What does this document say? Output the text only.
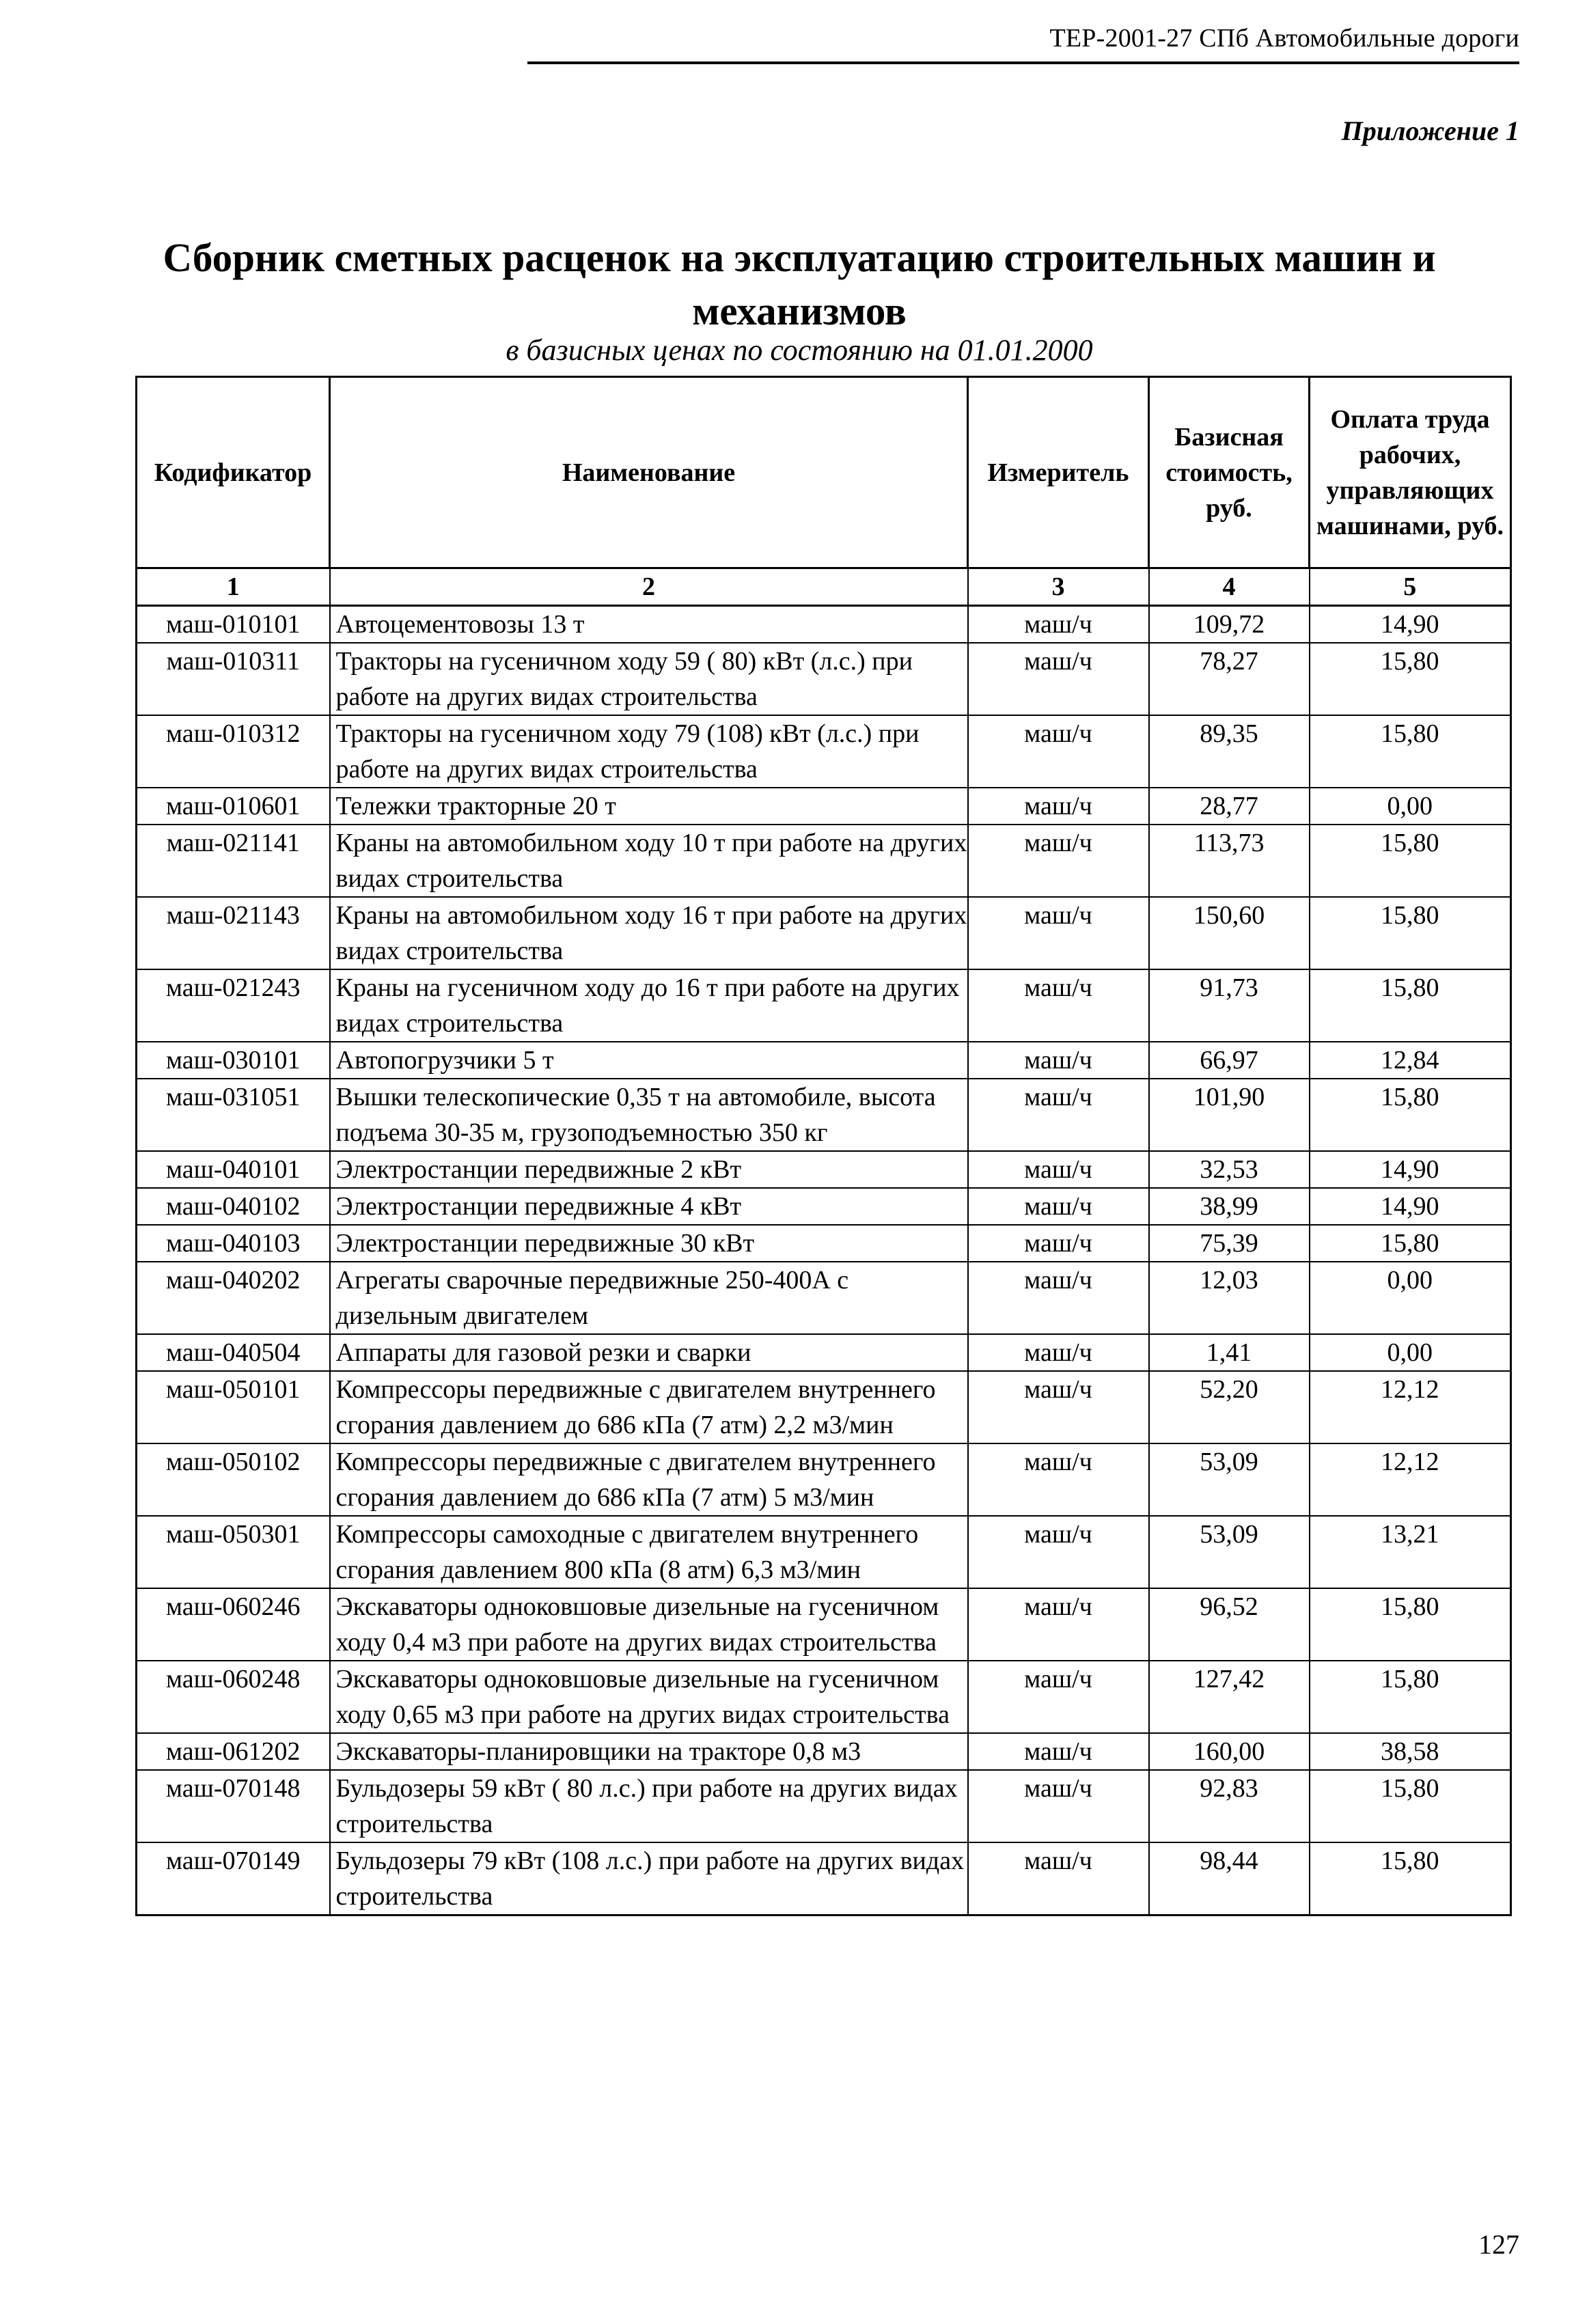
ТЕР-2001-27 СПб Автомобильные дороги
Приложение 1
Сборник сметных расценок на эксплуатацию строительных машин и механизмов
в базисных ценах по состоянию на 01.01.2000
Кодификатор	Наименование	Измеритель	Базисная стоимость, руб.	Оплата труда рабочих, управляющих машинами, руб.
1	2	3	4	5
маш-010101	Автоцементовозы 13 т	маш/ч	109,72	14,90
маш-010311	Тракторы на гусеничном ходу 59 ( 80) кВт (л.с.) при работе на других видах строительства	маш/ч	78,27	15,80
маш-010312	Тракторы на гусеничном ходу 79 (108) кВт (л.с.) при работе на других видах строительства	маш/ч	89,35	15,80
маш-010601	Тележки тракторные 20 т	маш/ч	28,77	0,00
маш-021141	Краны на автомобильном ходу 10 т при работе на других видах строительства	маш/ч	113,73	15,80
маш-021143	Краны на автомобильном ходу 16 т при работе на других видах строительства	маш/ч	150,60	15,80
маш-021243	Краны на гусеничном ходу до 16 т при работе на других видах строительства	маш/ч	91,73	15,80
маш-030101	Автопогрузчики 5 т	маш/ч	66,97	12,84
маш-031051	Вышки телескопические 0,35 т на автомобиле, высота подъема 30-35 м, грузоподъемностью 350 кг	маш/ч	101,90	15,80
маш-040101	Электростанции передвижные 2 кВт	маш/ч	32,53	14,90
маш-040102	Электростанции передвижные 4 кВт	маш/ч	38,99	14,90
маш-040103	Электростанции передвижные 30 кВт	маш/ч	75,39	15,80
маш-040202	Агрегаты сварочные передвижные 250-400А с дизельным двигателем	маш/ч	12,03	0,00
маш-040504	Аппараты для газовой резки и сварки	маш/ч	1,41	0,00
маш-050101	Компрессоры передвижные с двигателем внутреннего сгорания давлением до 686 кПа (7 атм) 2,2 м3/мин	маш/ч	52,20	12,12
маш-050102	Компрессоры передвижные с двигателем внутреннего сгорания давлением до 686 кПа (7 атм) 5 м3/мин	маш/ч	53,09	12,12
маш-050301	Компрессоры самоходные с двигателем внутреннего сгорания давлением 800 кПа (8 атм) 6,3 м3/мин	маш/ч	53,09	13,21
маш-060246	Экскаваторы одноковшовые дизельные на гусеничном ходу 0,4 м3 при работе на других видах строительства	маш/ч	96,52	15,80
маш-060248	Экскаваторы одноковшовые дизельные на гусеничном ходу 0,65 м3 при работе на других видах строительства	маш/ч	127,42	15,80
маш-061202	Экскаваторы-планировщики на тракторе 0,8 м3	маш/ч	160,00	38,58
маш-070148	Бульдозеры 59 кВт ( 80 л.с.) при работе на других видах строительства	маш/ч	92,83	15,80
маш-070149	Бульдозеры 79 кВт (108 л.с.) при работе на других видах строительства	маш/ч	98,44	15,80
127
